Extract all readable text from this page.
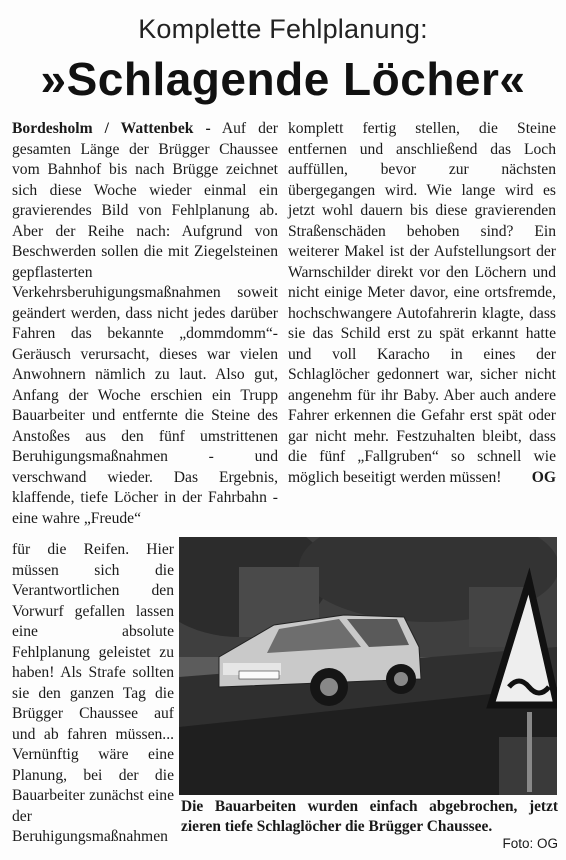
Komplette Fehlplanung:
»Schlagende Löcher«

Bordesholm / Wattenbek - Auf der gesamten Länge der Brügger Chaussee vom Bahnhof bis nach Brügge zeichnet sich diese Woche wieder einmal ein gravierendes Bild von Fehlplanung ab. Aber der Reihe nach: Aufgrund von Beschwerden sollen die mit Ziegelsteinen gepflasterten Verkehrsberuhigungsmaßnahmen soweit geändert werden, dass nicht jedes darüber Fahren das bekannte „dommdomm“-Geräusch verursacht, dieses war vielen Anwohnern nämlich zu laut. Also gut, Anfang der Woche erschien ein Trupp Bauarbeiter und entfernte die Steine des Anstoßes aus den fünf umstrittenen Beruhigungsmaßnahmen - und verschwand wieder. Das Ergebnis, klaffende, tiefe Löcher in der Fahrbahn - eine wahre „Freude“

für die Reifen. Hier müssen sich die Verantwortlichen den Vorwurf gefallen lassen eine absolute Fehlplanung geleistet zu haben! Als Strafe sollten sie den ganzen Tag die Brügger Chaussee auf und ab fahren müssen... Vernünftig wäre eine Planung, bei der die Bauarbeiter zunächst eine der Beruhigungsmaßnahmen

komplett fertig stellen, die Steine entfernen und anschließend das Loch auffüllen, bevor zur nächsten übergegangen wird. Wie lange wird es jetzt wohl dauern bis diese gravierenden Straßenschäden behoben sind? Ein weiterer Makel ist der Aufstellungsort der Warnschilder direkt vor den Löchern und nicht einige Meter davor, eine ortsfremde, hochschwangere Autofahrerin klagte, dass sie das Schild erst zu spät erkannt hatte und voll Karacho in eines der Schlaglöcher gedonnert war, sicher nicht angenehm für ihr Baby. Aber auch andere Fahrer erkennen die Gefahr erst spät oder gar nicht mehr. Festzuhalten bleibt, dass die fünf „Fallgruben“ so schnell wie möglich beseitigt werden müssen! OG

Die Bauarbeiten wurden einfach abgebrochen, jetzt zieren tiefe Schlaglöcher die Brügger Chaussee.
Foto: OG
